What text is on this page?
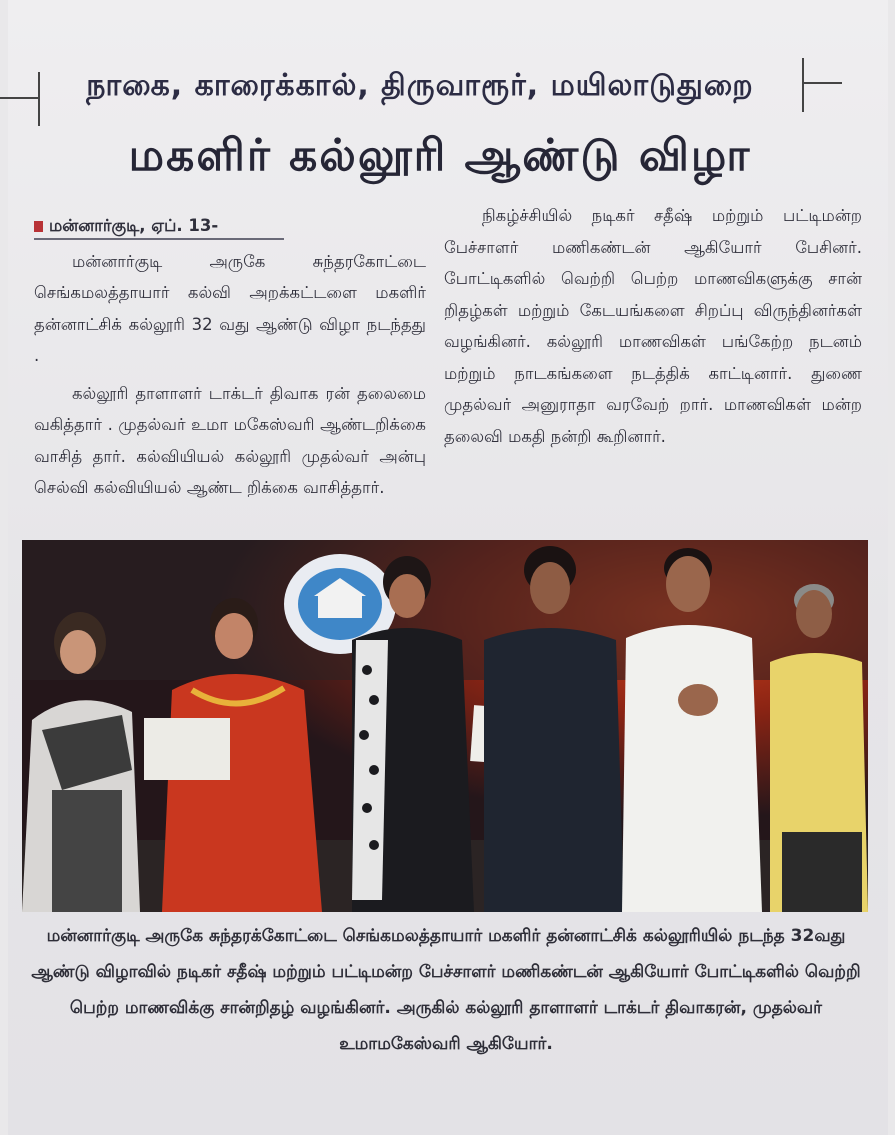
நாகை, காரைக்கால், திருவாரூர், மயிலாடுதுறை
மகளிர் கல்லூரி ஆண்டு விழா
மன்னார்குடி, ஏப். 13-

மன்னார்குடி அருகே சுந்தரகோட்டை செங்கமலத்தாயார் கல்வி அறக்கட்டளை மகளிர் தன்னாட்சிக் கல்லூரி 32 வது ஆண்டு விழா நடந்தது .

கல்லூரி தாளாளர் டாக்டர் திவாக ரன் தலைமை வகித்தார் . முதல்வர் உமா மகேஸ்வரி ஆண்டறிக்கை வாசித் தார். கல்வியியல் கல்லூரி முதல்வர் அன்பு செல்வி கல்வியியல் ஆண்ட றிக்கை வாசித்தார்.

நிகழ்ச்சியில் நடிகர் சதீஷ் மற்றும் பட்டிமன்ற பேச்சாளர் மணிகண்டன் ஆகியோர் பேசினர். போட்டிகளில் வெற்றி பெற்ற மாணவிகளுக்கு சான் றிதழ்கள் மற்றும் கேடயங்களை சிறப்பு விருந்தினர்கள் வழங்கினர். கல்லூரி மாணவிகள் பங்கேற்ற நடனம் மற்றும் நாடகங்களை நடத்திக் காட்டினார். துணை முதல்வர் அனுராதா வரவேற் றார். மாணவிகள் மன்ற தலைவி மகதி நன்றி கூறினார்.

மன்னார்குடி அருகே சுந்தரக்கோட்டை செங்கமலத்தாயார் மகளிர் தன்னாட்சிக் கல்லூரியில் நடந்த 32வது ஆண்டு விழாவில் நடிகர் சதீஷ் மற்றும் பட்டிமன்ற பேச்சாளர் மணிகண்டன் ஆகியோர் போட்டிகளில் வெற்றி பெற்ற மாணவிக்கு சான்றிதழ் வழங்கினர். அருகில் கல்லூரி தாளாளர் டாக்டர் திவாகரன், முதல்வர் உமாமகேஸ்வரி ஆகியோர்.
